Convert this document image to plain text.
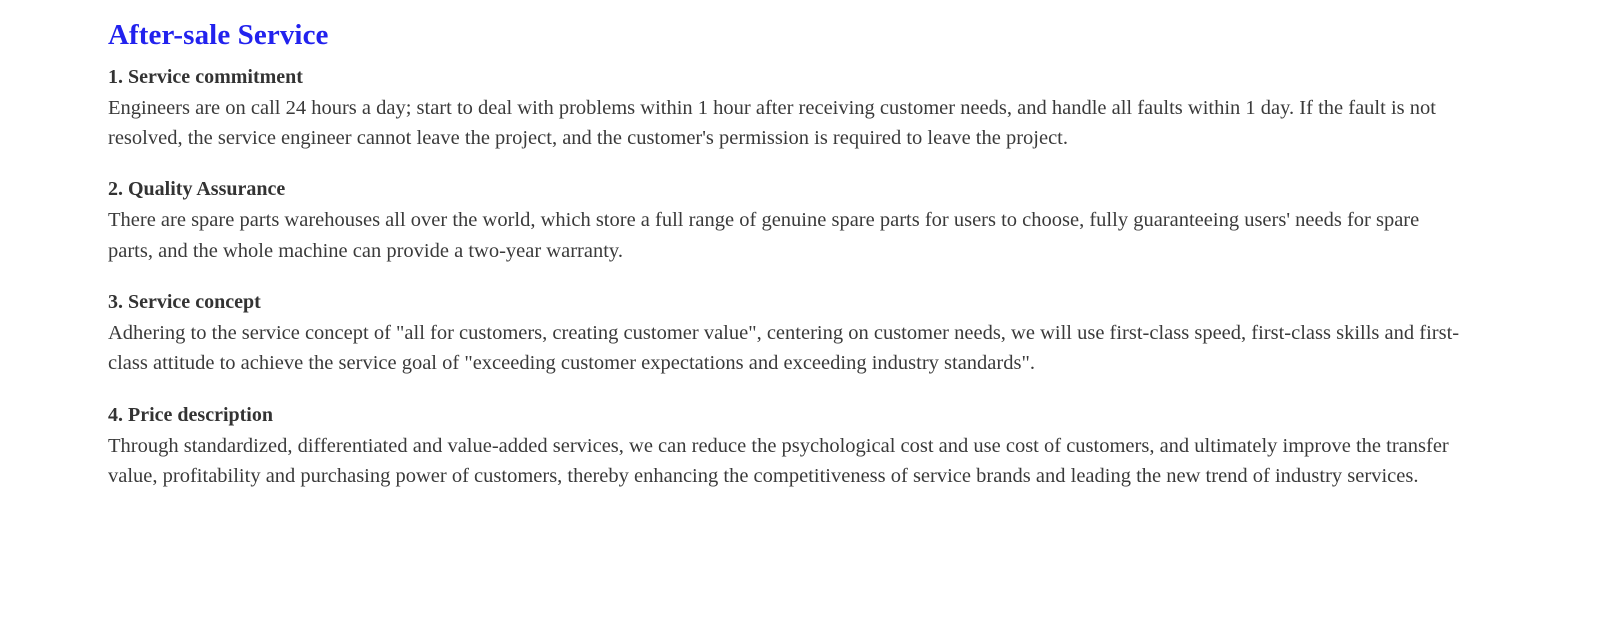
After-sale Service
1. Service commitment

Engineers are on call 24 hours a day; start to deal with problems within 1 hour after receiving customer needs, and handle all faults within 1 day. If the fault is not resolved, the service engineer cannot leave the project, and the customer's permission is required to leave the project.

2. Quality Assurance

There are spare parts warehouses all over the world, which store a full range of genuine spare parts for users to choose, fully guaranteeing users' needs for spare parts, and the whole machine can provide a two-year warranty.

3. Service concept

Adhering to the service concept of "all for customers, creating customer value", centering on customer needs, we will use first-class speed, first-class skills and first-class attitude to achieve the service goal of "exceeding customer expectations and exceeding industry standards".

4. Price description

Through standardized, differentiated and value-added services, we can reduce the psychological cost and use cost of customers, and ultimately improve the transfer value, profitability and purchasing power of customers, thereby enhancing the competitiveness of service brands and leading the new trend of industry services.
